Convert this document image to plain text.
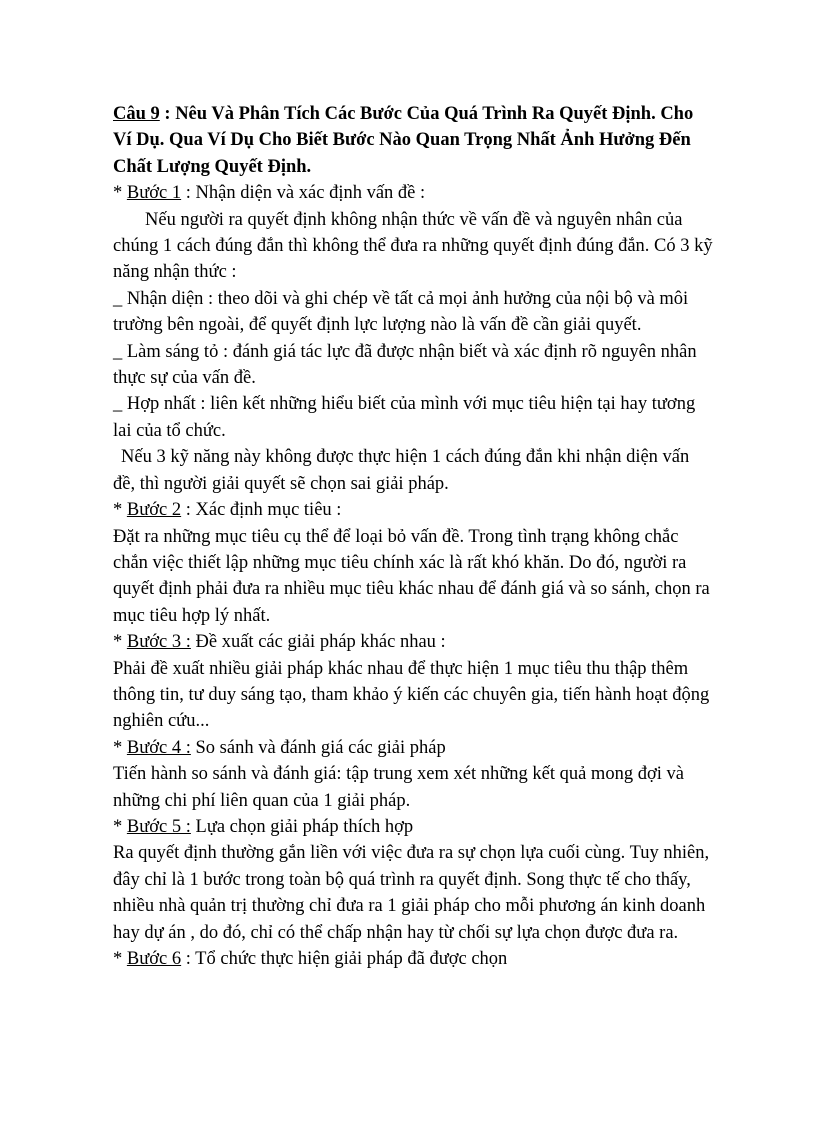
Câu 9 : Nêu Và Phân Tích Các Bước Của Quá Trình Ra Quyết Định. Cho Ví Dụ. Qua Ví Dụ Cho Biết Bước Nào Quan Trọng Nhất Ảnh Hưởng Đến Chất Lượng Quyết Định.

* Bước 1 : Nhận diện và xác định vấn đề :

Nếu người ra quyết định không nhận thức về vấn đề và nguyên nhân của chúng 1 cách đúng đắn thì không thể đưa ra những quyết định đúng đắn. Có 3 kỹ năng nhận thức :

_ Nhận diện : theo dõi và ghi chép về tất cả mọi ảnh hưởng của nội bộ và môi trường bên ngoài, để quyết định lực lượng nào là vấn đề cần giải quyết.

_ Làm sáng tỏ : đánh giá tác lực đã được nhận biết và xác định rõ nguyên nhân thực sự của vấn đề.

_ Hợp nhất : liên kết những hiểu biết của mình với mục tiêu hiện tại hay tương lai của tổ chức.

Nếu 3 kỹ năng này không được thực hiện 1 cách đúng đắn khi nhận diện vấn đề, thì người giải quyết sẽ chọn sai giải pháp.

* Bước 2 : Xác định mục tiêu :

Đặt ra những mục tiêu cụ thể để loại bỏ vấn đề. Trong tình trạng không chắc chắn việc thiết lập những mục tiêu chính xác là rất khó khăn. Do đó, người ra quyết định phải đưa ra nhiều mục tiêu khác nhau để đánh giá và so sánh, chọn ra mục tiêu hợp lý nhất.

* Bước 3 : Đề xuất các giải pháp khác nhau :

Phải đề xuất nhiều giải pháp khác nhau để thực hiện 1 mục tiêu thu thập thêm thông tin, tư duy sáng tạo, tham khảo ý kiến các chuyên gia, tiến hành hoạt động nghiên cứu...

* Bước 4 : So sánh và đánh giá các giải pháp

Tiến hành so sánh và đánh giá: tập trung xem xét những kết quả mong đợi và những chi phí liên quan của 1 giải pháp.

* Bước 5 : Lựa chọn giải pháp thích hợp

Ra quyết định thường gắn liền với việc đưa ra sự chọn lựa cuối cùng. Tuy nhiên, đây chỉ là 1 bước trong toàn bộ quá trình ra quyết định. Song thực tế cho thấy, nhiều nhà quản trị thường chỉ đưa ra 1 giải pháp cho mỗi phương án kinh doanh hay dự án , do đó, chỉ có thể chấp nhận hay từ chối sự lựa chọn được đưa ra.

* Bước 6 : Tổ chức thực hiện giải pháp đã được chọn
